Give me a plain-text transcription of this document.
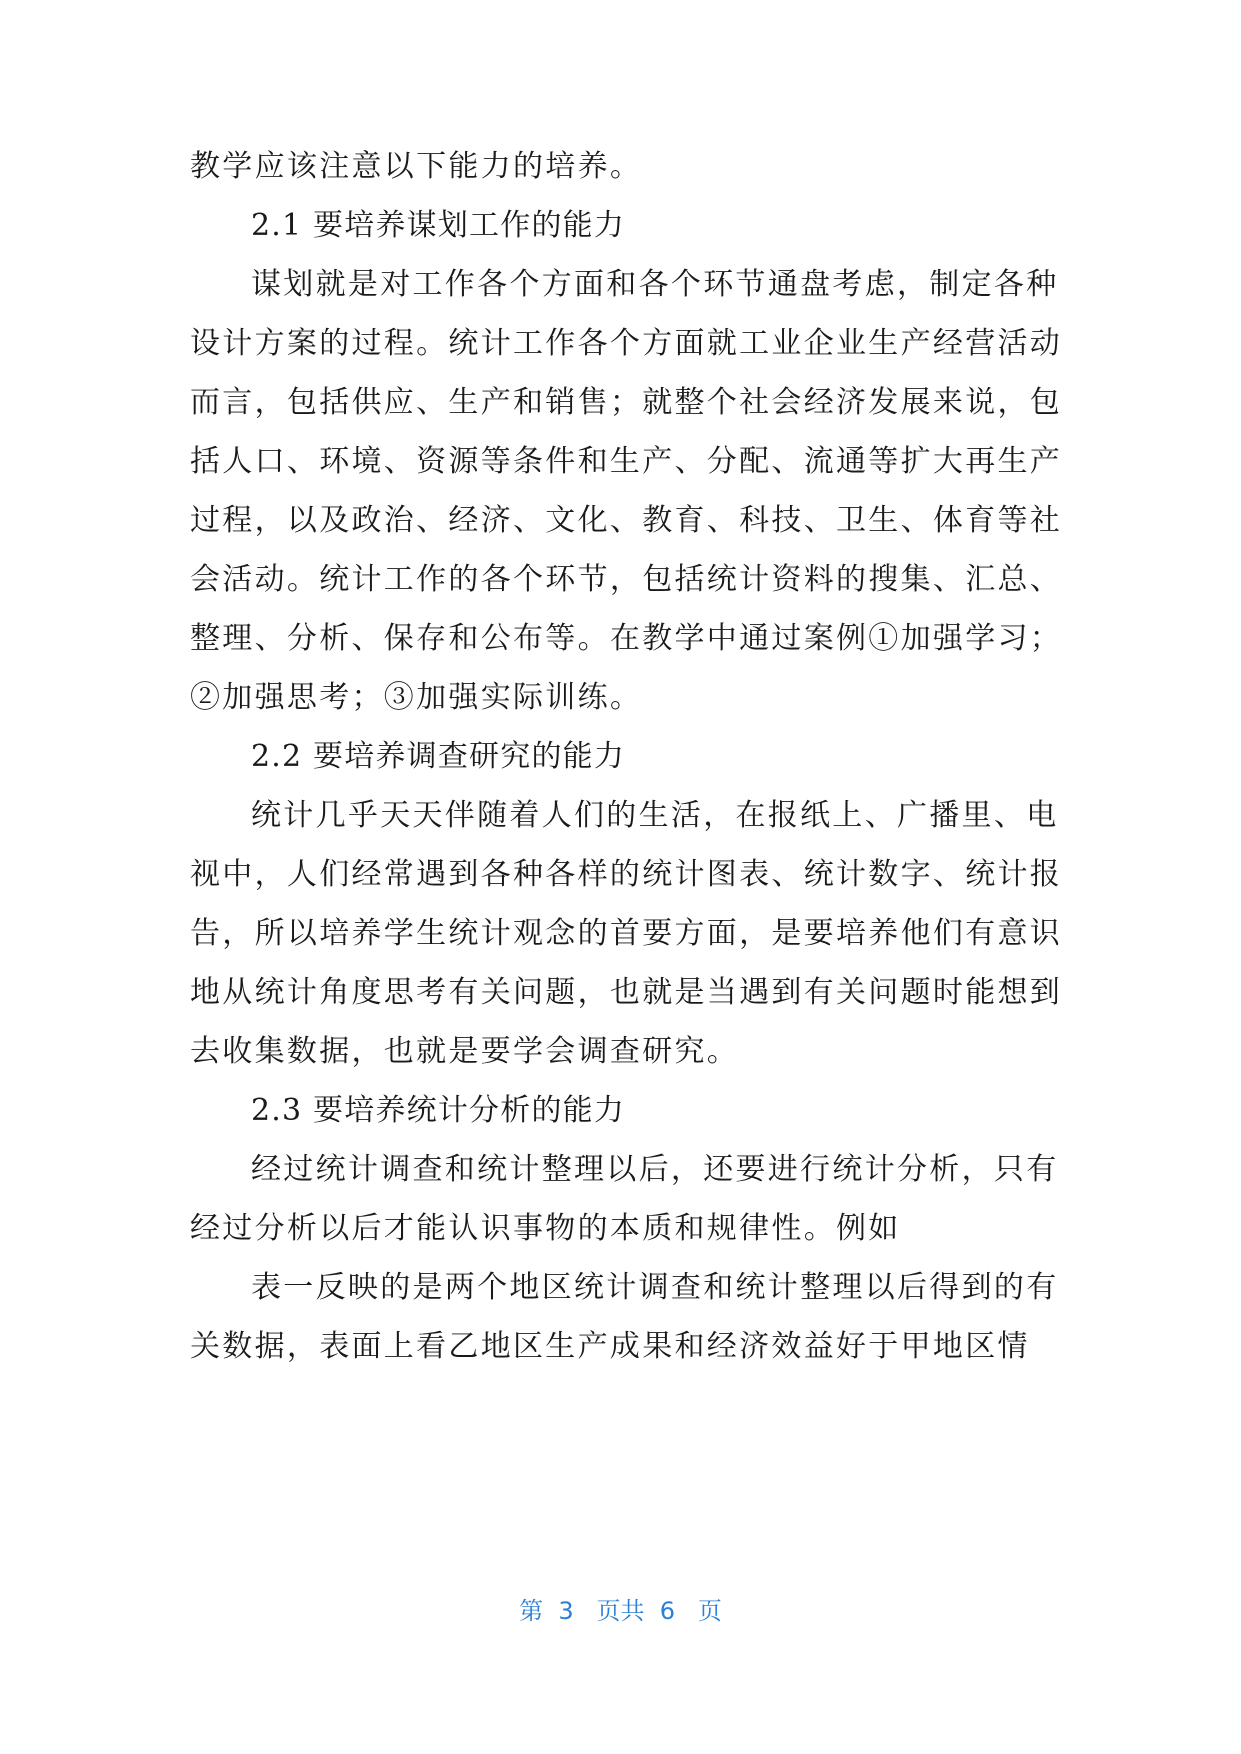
教学应该注意以下能力的培养。
2.1 要培养谋划工作的能力
谋划就是对工作各个方面和各个环节通盘考虑，制定各种
设计方案的过程。统计工作各个方面就工业企业生产经营活动
而言，包括供应、生产和销售；就整个社会经济发展来说，包
括人口、环境、资源等条件和生产、分配、流通等扩大再生产
过程，以及政治、经济、文化、教育、科技、卫生、体育等社
会活动。统计工作的各个环节，包括统计资料的搜集、汇总、
整理、分析、保存和公布等。在教学中通过案例①加强学习；
②加强思考；③加强实际训练。
2.2 要培养调查研究的能力
统计几乎天天伴随着人们的生活，在报纸上、广播里、电
视中，人们经常遇到各种各样的统计图表、统计数字、统计报
告，所以培养学生统计观念的首要方面，是要培养他们有意识
地从统计角度思考有关问题，也就是当遇到有关问题时能想到
去收集数据，也就是要学会调查研究。
2.3 要培养统计分析的能力
经过统计调查和统计整理以后，还要进行统计分析，只有
经过分析以后才能认识事物的本质和规律性。例如
表一反映的是两个地区统计调查和统计整理以后得到的有
关数据，表面上看乙地区生产成果和经济效益好于甲地区情
第  3   页共  6   页
